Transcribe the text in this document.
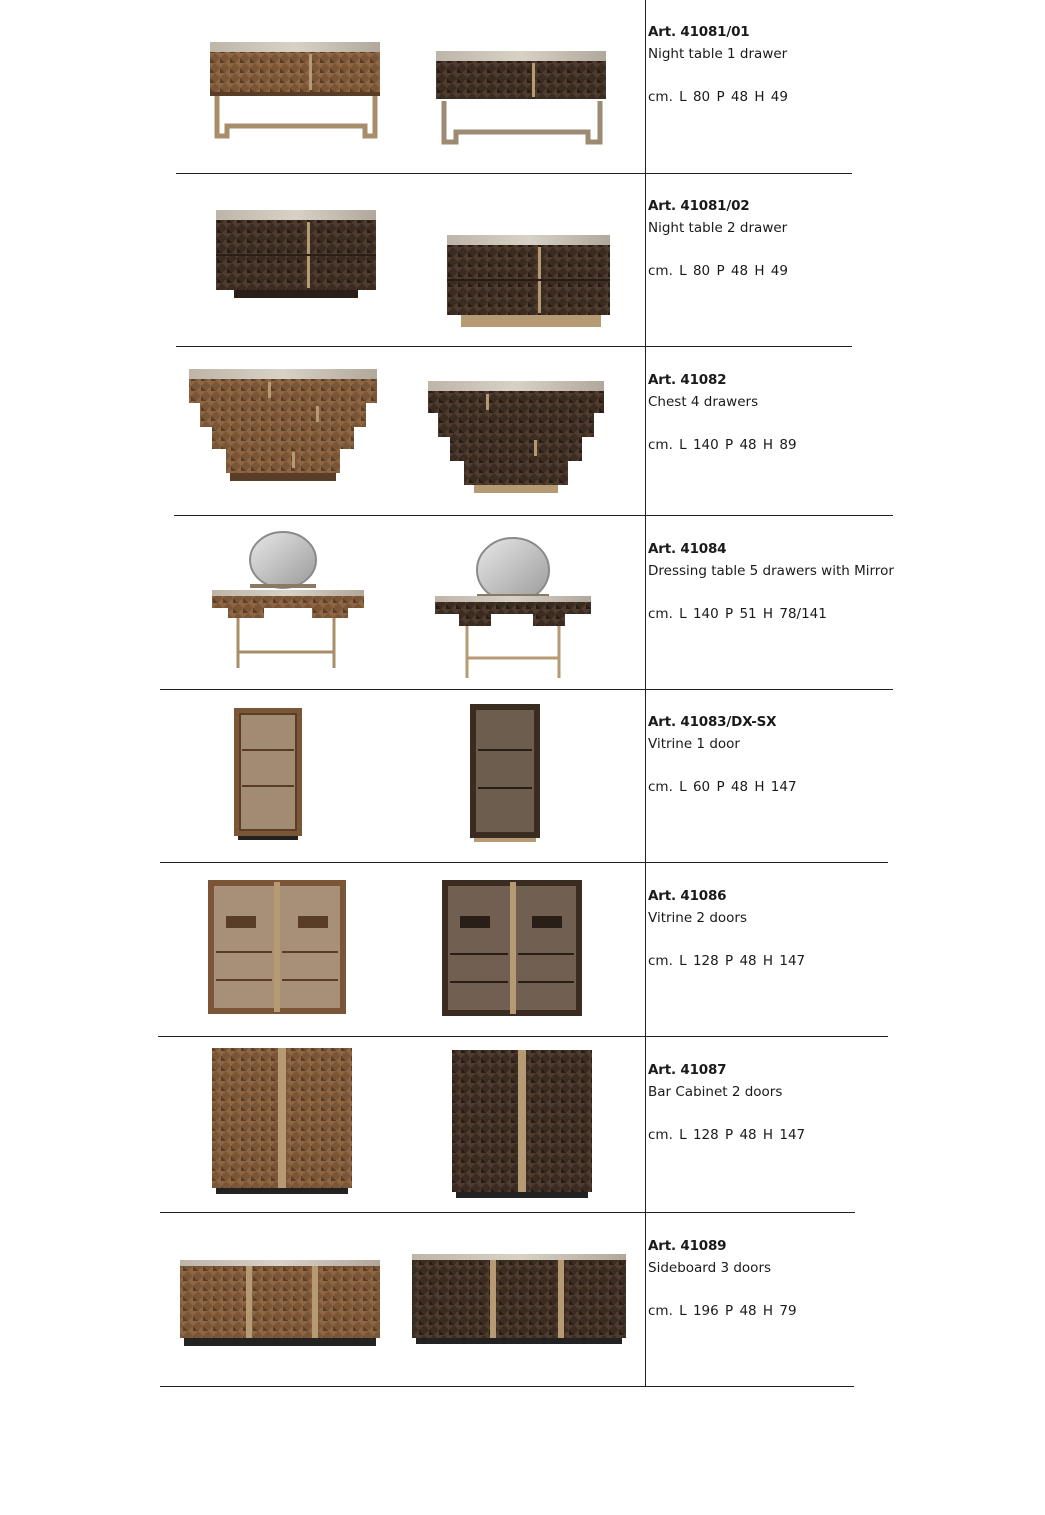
Art. 41081/01
Night table 1 drawer
cm. L 80 P 48 H 49
Art. 41081/02
Night table 2 drawer
cm. L 80 P 48 H 49
Art. 41082
Chest 4 drawers
cm. L 140 P 48 H 89
Art. 41084
Dressing table 5 drawers with Mirror
cm. L 140 P 51 H 78/141
Art. 41083/DX-SX
Vitrine 1 door
cm. L 60 P 48 H 147
Art. 41086
Vitrine 2 doors
cm. L 128 P 48 H 147
Art. 41087
Bar Cabinet 2 doors
cm. L 128 P 48 H 147
Art. 41089
Sideboard 3 doors
cm. L 196 P 48 H 79
